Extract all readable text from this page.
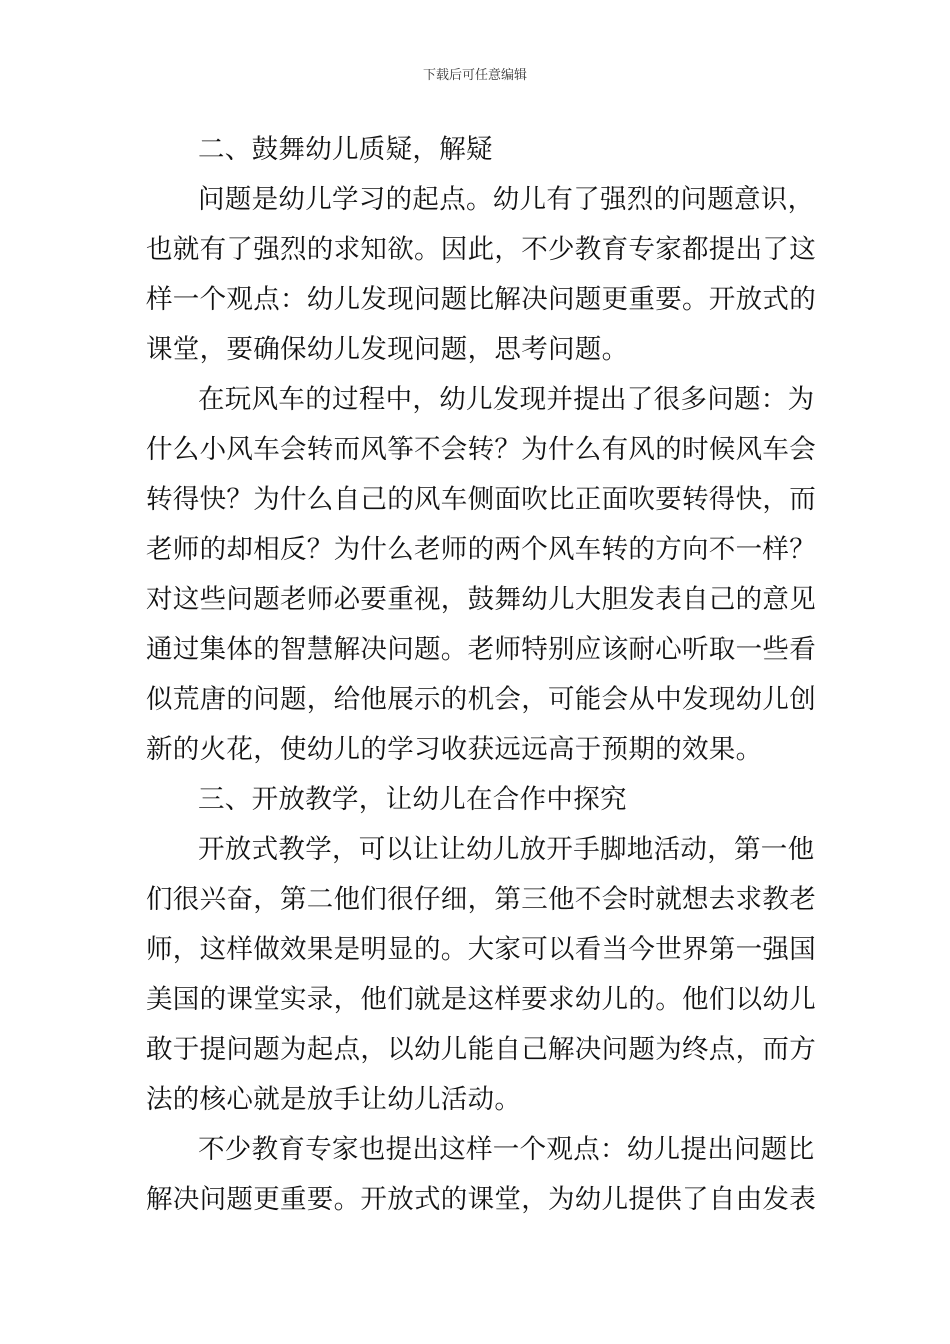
下载后可任意编辑
二、鼓舞幼儿质疑，解疑
问题是幼儿学习的起点。幼儿有了强烈的问题意识，
也就有了强烈的求知欲。因此，不少教育专家都提出了这
样一个观点：幼儿发现问题比解决问题更重要。开放式的
课堂，要确保幼儿发现问题，思考问题。
在玩风车的过程中，幼儿发现并提出了很多问题：为
什么小风车会转而风筝不会转？为什么有风的时候风车会
转得快？为什么自己的风车侧面吹比正面吹要转得快，而
老师的却相反？为什么老师的两个风车转的方向不一样？
对这些问题老师必要重视，鼓舞幼儿大胆发表自己的意见
通过集体的智慧解决问题。老师特别应该耐心听取一些看
似荒唐的问题，给他展示的机会，可能会从中发现幼儿创
新的火花，使幼儿的学习收获远远高于预期的效果。
三、开放教学，让幼儿在合作中探究
开放式教学，可以让让幼儿放开手脚地活动，第一他
们很兴奋，第二他们很仔细，第三他不会时就想去求教老
师，这样做效果是明显的。大家可以看当今世界第一强国
美国的课堂实录，他们就是这样要求幼儿的。他们以幼儿
敢于提问题为起点，以幼儿能自己解决问题为终点，而方
法的核心就是放手让幼儿活动。
不少教育专家也提出这样一个观点：幼儿提出问题比
解决问题更重要。开放式的课堂，为幼儿提供了自由发表
